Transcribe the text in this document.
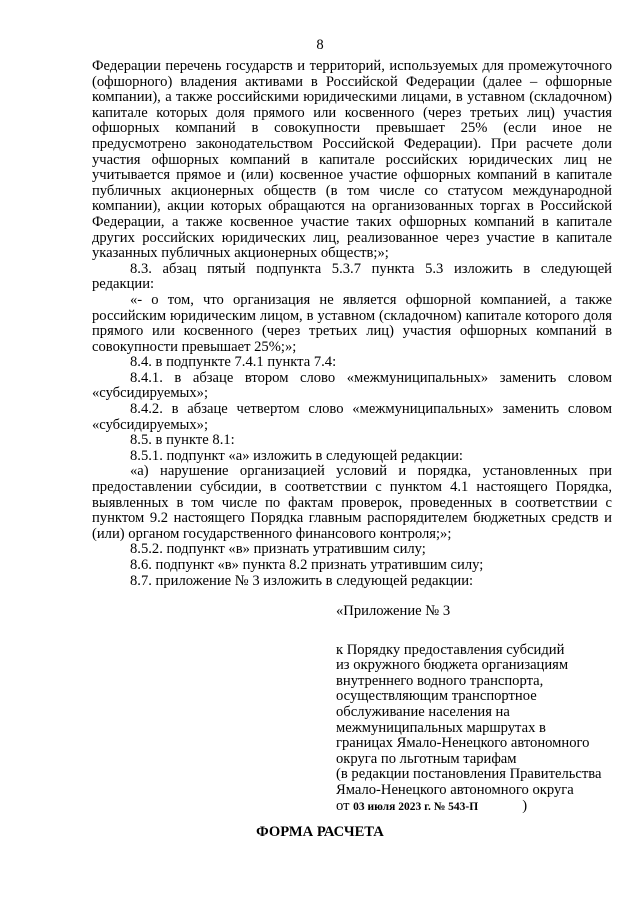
8

Федерации перечень государств и территорий, используемых для промежуточного (офшорного) владения активами в Российской Федерации (далее – офшорные компании), а также российскими юридическими лицами, в уставном (складочном) капитале которых доля прямого или косвенного (через третьих лиц) участия офшорных компаний в совокупности превышает 25% (если иное не предусмотрено законодательством Российской Федерации). При расчете доли участия офшорных компаний в капитале российских юридических лиц не учитывается прямое и (или) косвенное участие офшорных компаний в капитале публичных акционерных обществ (в том числе со статусом международной компании), акции которых обращаются на организованных торгах в Российской Федерации, а также косвенное участие таких офшорных компаний в капитале других российских юридических лиц, реализованное через участие в капитале указанных публичных акционерных обществ;»;

8.3. абзац пятый подпункта 5.3.7 пункта 5.3 изложить в следующей редакции:

«- о том, что организация не является офшорной компанией, а также российским юридическим лицом, в уставном (складочном) капитале которого доля прямого или косвенного (через третьих лиц) участия офшорных компаний в совокупности превышает 25%;»;

8.4. в подпункте 7.4.1 пункта 7.4:

8.4.1. в абзаце втором слово «межмуниципальных» заменить словом «субсидируемых»;

8.4.2. в абзаце четвертом слово «межмуниципальных» заменить словом «субсидируемых»;

8.5. в пункте 8.1:

8.5.1. подпункт «а» изложить в следующей редакции:

«а) нарушение организацией условий и порядка, установленных при предоставлении субсидии, в соответствии с пунктом 4.1 настоящего Порядка, выявленных в том числе по фактам проверок, проведенных в соответствии с пунктом 9.2 настоящего Порядка главным распорядителем бюджетных средств и (или) органом государственного финансового контроля;»;

8.5.2. подпункт «в» признать утратившим силу;

8.6. подпункт «в» пункта 8.2 признать утратившим силу;

8.7. приложение № 3 изложить в следующей редакции:

«Приложение № 3

к Порядку предоставления субсидий

из окружного бюджета организациям

внутреннего водного транспорта,

осуществляющим транспортное

обслуживание населения на

межмуниципальных маршрутах в

границах Ямало-Ненецкого автономного

округа по льготным тарифам

(в редакции постановления Правительства

Ямало-Ненецкого автономного округа

от 03 июля 2023 г. № 543-П	)

ФОРМА РАСЧЕТА
